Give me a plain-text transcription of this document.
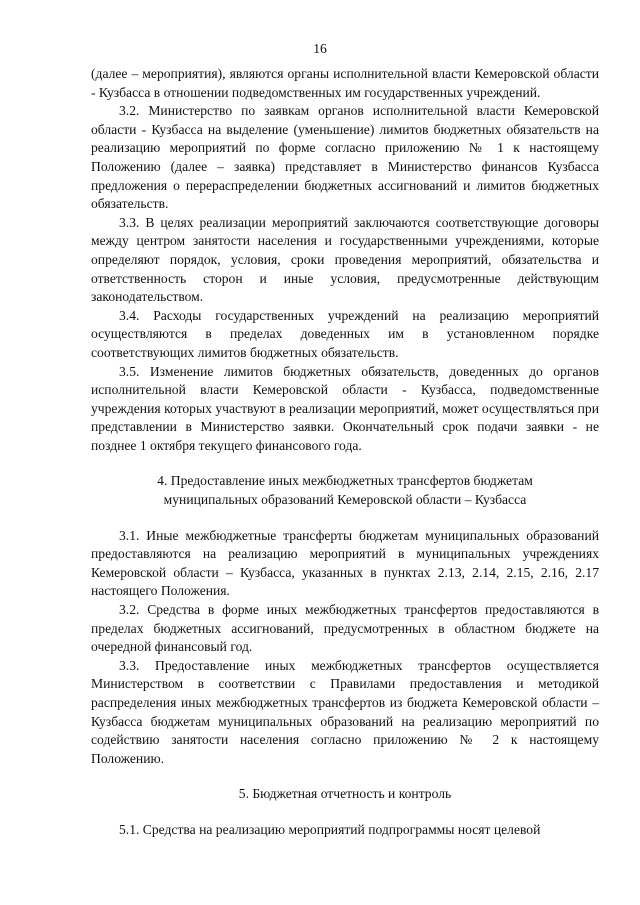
16

(далее – мероприятия), являются органы исполнительной власти Кемеровской области - Кузбасса в отношении подведомственных им государственных учреждений.

3.2. Министерство по заявкам органов исполнительной власти Кемеровской области - Кузбасса на выделение (уменьшение) лимитов бюджетных обязательств на реализацию мероприятий по форме согласно приложению № 1 к настоящему Положению (далее – заявка) представляет в Министерство финансов Кузбасса предложения о перераспределении бюджетных ассигнований и лимитов бюджетных обязательств.

3.3. В целях реализации мероприятий заключаются соответствующие договоры между центром занятости населения и государственными учреждениями, которые определяют порядок, условия, сроки проведения мероприятий, обязательства и ответственность сторон и иные условия, предусмотренные действующим законодательством.

3.4. Расходы государственных учреждений на реализацию мероприятий осуществляются в пределах доведенных им в установленном порядке соответствующих лимитов бюджетных обязательств.

3.5. Изменение лимитов бюджетных обязательств, доведенных до органов исполнительной власти Кемеровской области - Кузбасса, подведомственные учреждения которых участвуют в реализации мероприятий, может осуществляться при представлении в Министерство заявки. Окончательный срок подачи заявки - не позднее 1 октября текущего финансового года.

4. Предоставление иных межбюджетных трансфертов бюджетам

муниципальных образований Кемеровской области – Кузбасса

3.1. Иные межбюджетные трансферты бюджетам муниципальных образований предоставляются на реализацию мероприятий в муниципальных учреждениях Кемеровской области – Кузбасса, указанных в пунктах 2.13, 2.14, 2.15, 2.16, 2.17 настоящего Положения.

3.2. Средства в форме иных межбюджетных трансфертов предоставляются в пределах бюджетных ассигнований, предусмотренных в областном бюджете на очередной финансовый год.

3.3. Предоставление иных межбюджетных трансфертов осуществляется Министерством в соответствии с Правилами предоставления и методикой распределения иных межбюджетных трансфертов из бюджета Кемеровской области – Кузбасса бюджетам муниципальных образований на реализацию мероприятий по содействию занятости населения согласно приложению № 2 к настоящему Положению.

5. Бюджетная отчетность и контроль

5.1. Средства на реализацию мероприятий подпрограммы носят целевой
